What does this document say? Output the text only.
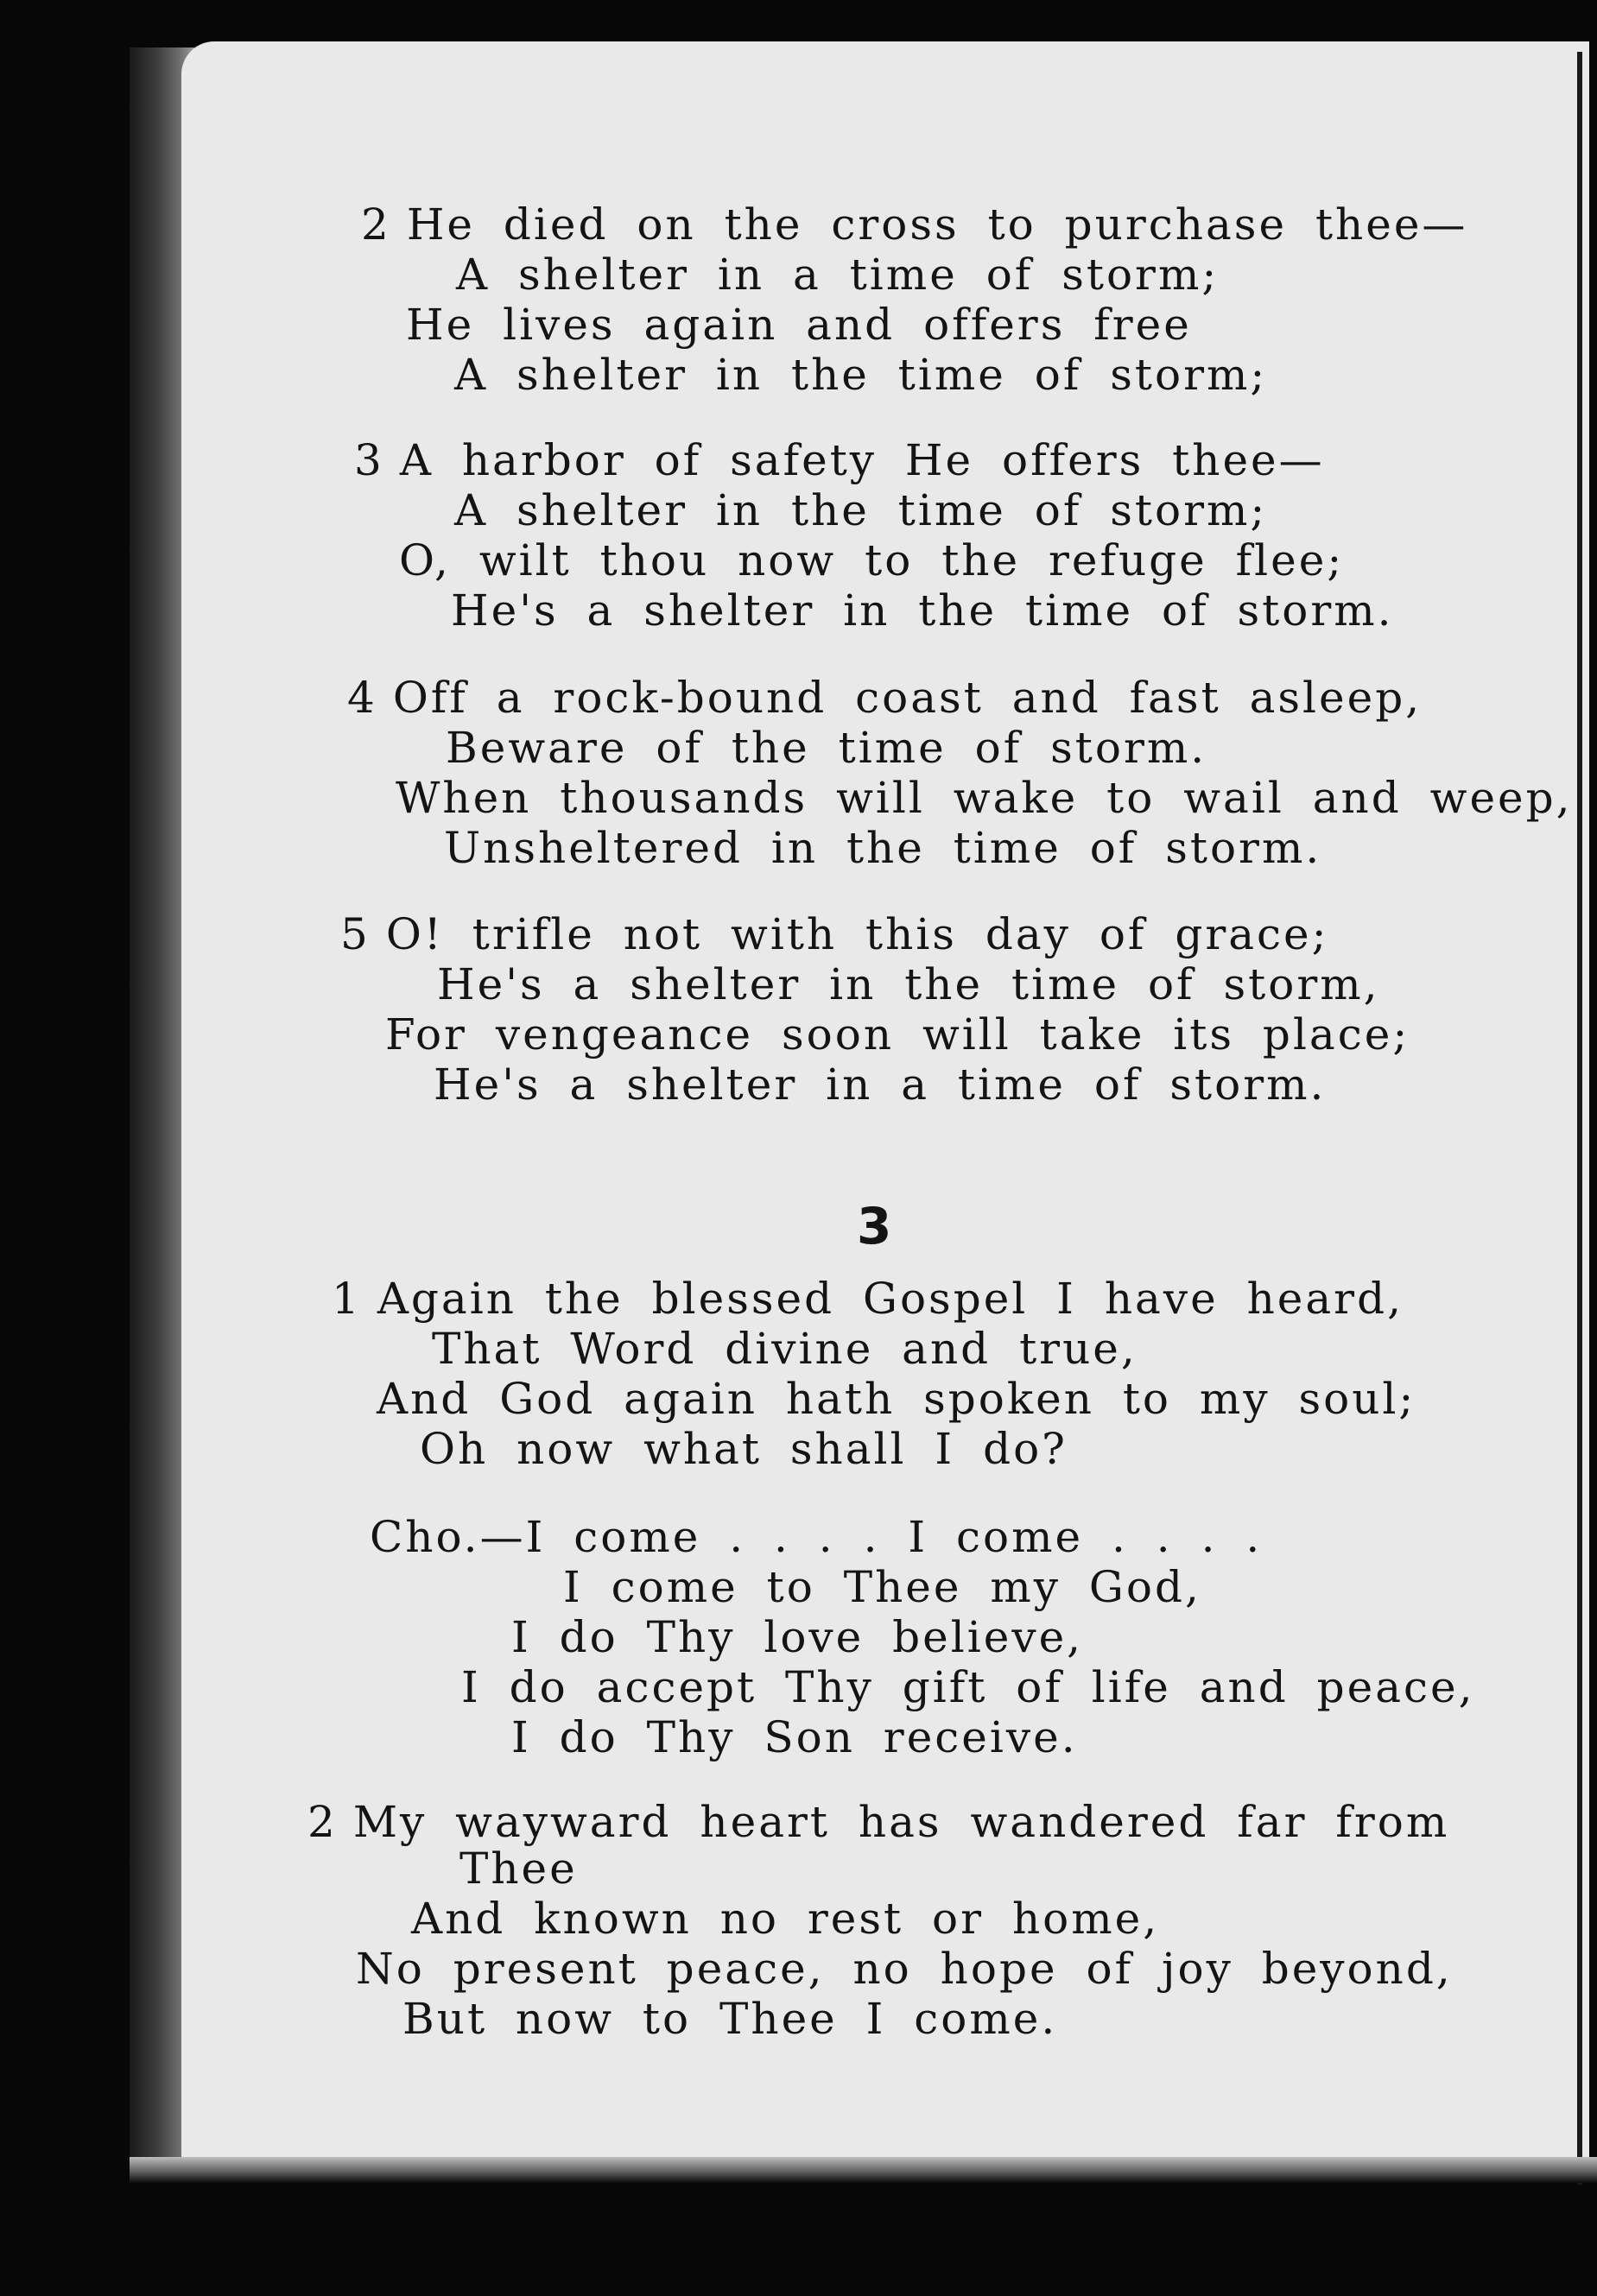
2 He died on the cross to purchase thee—
A shelter in a time of storm;
He lives again and offers free
A shelter in the time of storm;
3 A harbor of safety He offers thee—
A shelter in the time of storm;
O, wilt thou now to the refuge flee;
He's a shelter in the time of storm.
4 Off a rock-bound coast and fast asleep,
Beware of the time of storm.
When thousands will wake to wail and weep,
Unsheltered in the time of storm.
5 O! trifle not with this day of grace;
He's a shelter in the time of storm,
For vengeance soon will take its place;
He's a shelter in a time of storm.
3
1 Again the blessed Gospel I have heard,
That Word divine and true,
And God again hath spoken to my soul;
Oh now what shall I do?
Cho.—I come . . . . I come . . . .
I come to Thee my God,
I do Thy love believe,
I do accept Thy gift of life and peace,
I do Thy Son receive.
2 My wayward heart has wandered far from
Thee
And known no rest or home,
No present peace, no hope of joy beyond,
But now to Thee I come.
